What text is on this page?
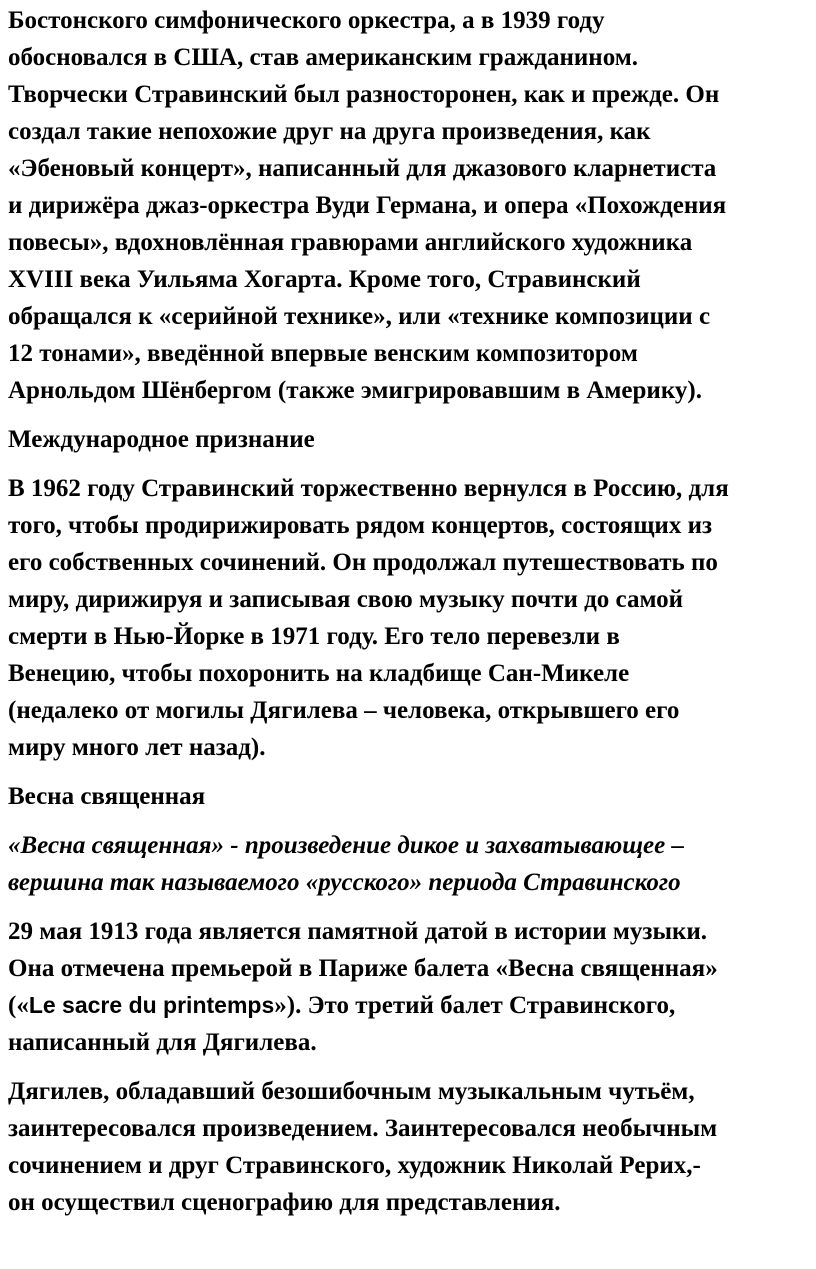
Бостонского симфонического оркестра, а в 1939 году
обосновался в США, став американским гражданином.
Творчески Стравинский был разносторонен, как и прежде. Он
создал такие непохожие друг на друга произведения, как
«Эбеновый концерт», написанный для джазового кларнетиста
и дирижёра джаз-оркестра Вуди Германа, и опера «Похождения
повесы», вдохновлённая гравюрами английского художника
XVIII века Уильяма Хогарта. Кроме того, Стравинский
обращался к «серийной технике», или «технике композиции с
12 тонами», введённой впервые венским композитором
Арнольдом Шёнбергом (также эмигрировавшим в Америку).
Международное признание
В 1962 году Стравинский торжественно вернулся в Россию, для
того, чтобы продирижировать рядом концертов, состоящих из
его собственных сочинений. Он продолжал путешествовать по
миру, дирижируя и записывая свою музыку почти до самой
смерти в Нью-Йорке в 1971 году. Его тело перевезли в
Венецию, чтобы похоронить на кладбище Сан-Микеле
(недалеко от могилы Дягилева – человека, открывшего его
миру много лет назад).
Весна священная
«Весна священная» - произведение дикое и захватывающее –
вершина так называемого «русского» периода Стравинского
29 мая 1913 года является памятной датой в истории музыки.
Она отмечена премьерой в Париже балета «Весна священная»
(«Le sacre du printemps»). Это третий балет Стравинского,
написанный для Дягилева.
Дягилев, обладавший безошибочным музыкальным чутьём,
заинтересовался произведением. Заинтересовался необычным
сочинением и друг Стравинского, художник Николай Рерих,-
он осуществил сценографию для представления.
